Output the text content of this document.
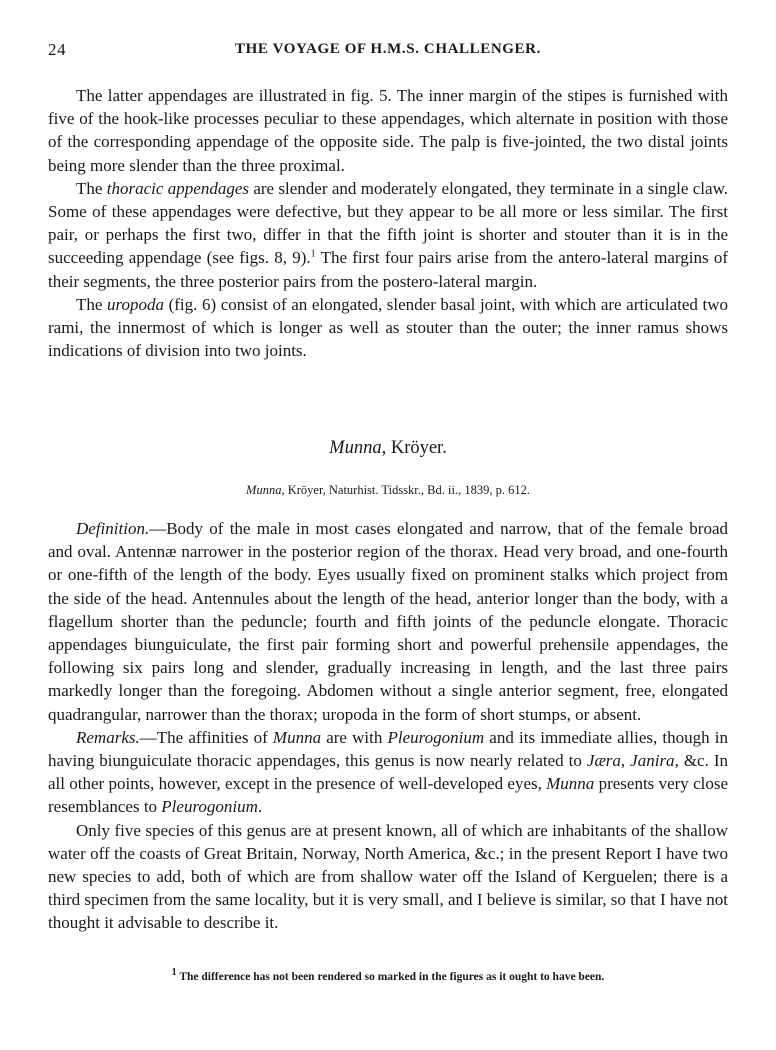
24	THE VOYAGE OF H.M.S. CHALLENGER.

The latter appendages are illustrated in fig. 5. The inner margin of the stipes is furnished with five of the hook-like processes peculiar to these appendages, which alternate in position with those of the corresponding appendage of the opposite side. The palp is five-jointed, the two distal joints being more slender than the three proximal.

The thoracic appendages are slender and moderately elongated, they terminate in a single claw. Some of these appendages were defective, but they appear to be all more or less similar. The first pair, or perhaps the first two, differ in that the fifth joint is shorter and stouter than it is in the succeeding appendage (see figs. 8, 9).$^1$ The first four pairs arise from the antero-lateral margins of their segments, the three posterior pairs from the postero-lateral margin.

The uropoda (fig. 6) consist of an elongated, slender basal joint, with which are articulated two rami, the innermost of which is longer as well as stouter than the outer; the inner ramus shows indications of division into two joints.

Munna, Kröyer.
Munna, Kröyer, Naturhist. Tidsskr., Bd. ii., 1839, p. 612.

Definition.—Body of the male in most cases elongated and narrow, that of the female broad and oval. Antennæ narrower in the posterior region of the thorax. Head very broad, and one-fourth or one-fifth of the length of the body. Eyes usually fixed on prominent stalks which project from the side of the head. Antennules about the length of the head, anterior longer than the body, with a flagellum shorter than the peduncle; fourth and fifth joints of the peduncle elongate. Thoracic appendages biunguiculate, the first pair forming short and powerful prehensile appendages, the following six pairs long and slender, gradually increasing in length, and the last three pairs markedly longer than the foregoing. Abdomen without a single anterior segment, free, elongated quadrangular, narrower than the thorax; uropoda in the form of short stumps, or absent.

Remarks.—The affinities of Munna are with Pleurogonium and its immediate allies, though in having biunguiculate thoracic appendages, this genus is now nearly related to Jæra, Janira, &c. In all other points, however, except in the presence of well-developed eyes, Munna presents very close resemblances to Pleurogonium.

Only five species of this genus are at present known, all of which are inhabitants of the shallow water off the coasts of Great Britain, Norway, North America, &c.; in the present Report I have two new species to add, both of which are from shallow water off the Island of Kerguelen; there is a third specimen from the same locality, but it is very small, and I believe is similar, so that I have not thought it advisable to describe it.

$^1$ The difference has not been rendered so marked in the figures as it ought to have been.
